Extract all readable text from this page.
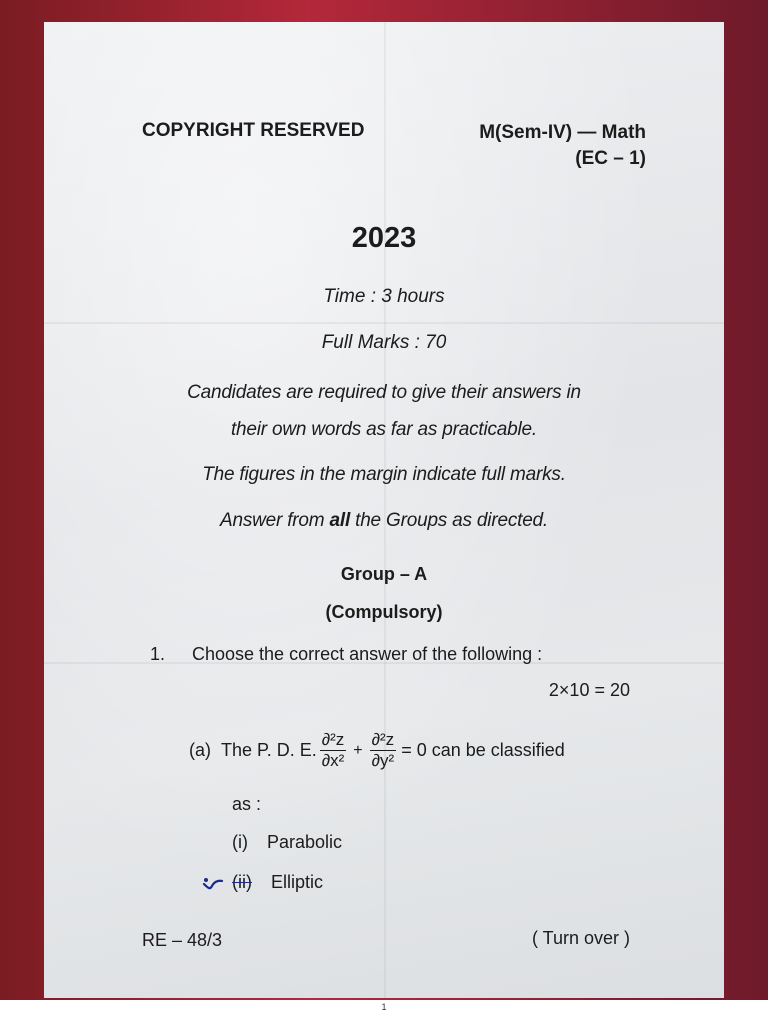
COPYRIGHT RESERVED	M(Sem-IV) — Math
(EC – 1)
2023
Time : 3 hours
Full Marks : 70
Candidates are required to give their answers in
their own words as far as practicable.
The figures in the margin indicate full marks.
Answer from all the Groups as directed.
Group – A
(Compulsory)
1. Choose the correct answer of the following :
2×10 = 20
(a) The P. D. E. $\frac{\text{∂²z}}{\text{∂x²}} + \frac{\text{∂²z}}{\text{∂y²}} = 0$ can be classified
as :
(i) Parabolic
(ii) Elliptic
RE – 48/3	( Turn over )
1
